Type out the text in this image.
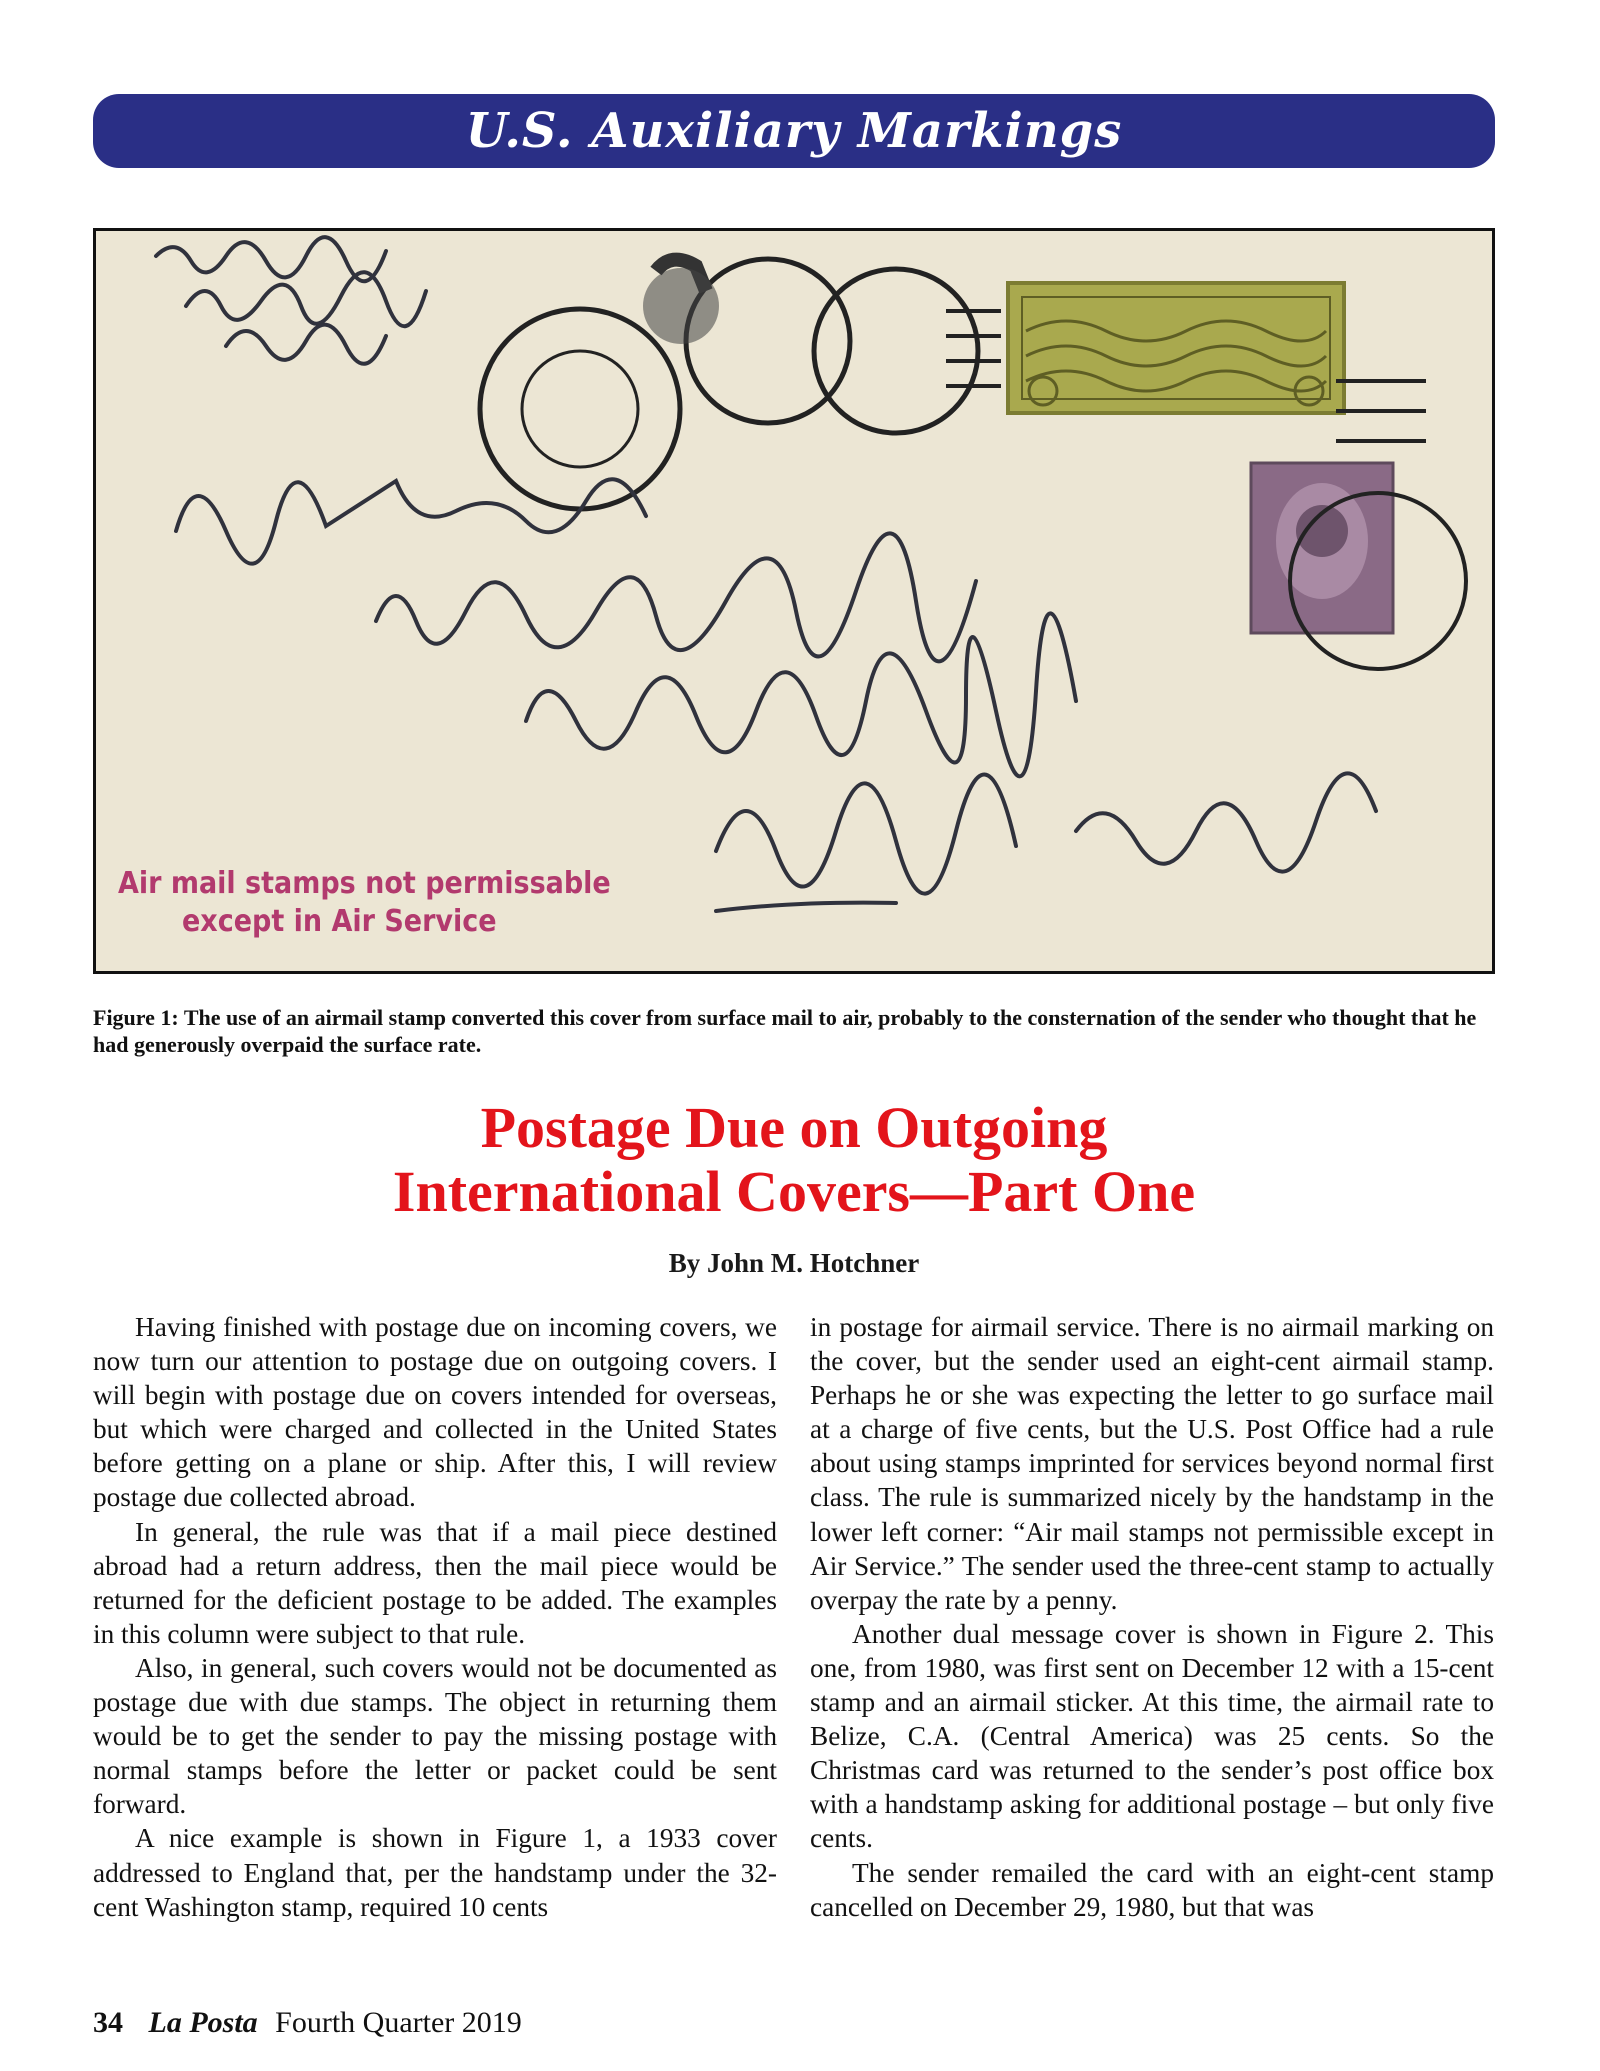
U.S. Auxiliary Markings
Air mail stamps not permissable
except in Air Service
Figure 1: The use of an airmail stamp converted this cover from surface mail to air, probably to the consternation of the sender who thought that he had generously overpaid the surface rate.
Postage Due on Outgoing
International Covers—Part One
By John M. Hotchner

Having finished with postage due on incoming covers, we now turn our attention to postage due on outgoing covers. I will begin with postage due on covers intended for overseas, but which were charged and collected in the United States before getting on a plane or ship. After this, I will review postage due collected abroad.

In general, the rule was that if a mail piece destined abroad had a return address, then the mail piece would be returned for the deficient postage to be added. The examples in this column were subject to that rule.

Also, in general, such covers would not be documented as postage due with due stamps. The object in returning them would be to get the sender to pay the missing postage with normal stamps before the letter or packet could be sent forward.

A nice example is shown in Figure 1, a 1933 cover addressed to England that, per the handstamp under the 32-cent Washington stamp, required 10 cents

in postage for airmail service. There is no airmail marking on the cover, but the sender used an eight-cent airmail stamp. Perhaps he or she was expecting the letter to go surface mail at a charge of five cents, but the U.S. Post Office had a rule about using stamps imprinted for services beyond normal first class. The rule is summarized nicely by the handstamp in the lower left corner: “Air mail stamps not permissible except in Air Service.” The sender used the three-cent stamp to actually overpay the rate by a penny.

Another dual message cover is shown in Figure 2. This one, from 1980, was first sent on December 12 with a 15-cent stamp and an airmail sticker. At this time, the airmail rate to Belize, C.A. (Central America) was 25 cents. So the Christmas card was returned to the sender’s post office box with a handstamp asking for additional postage – but only five cents.

The sender remailed the card with an eight-cent stamp cancelled on December 29, 1980, but that was

34 La Posta Fourth Quarter 2019
